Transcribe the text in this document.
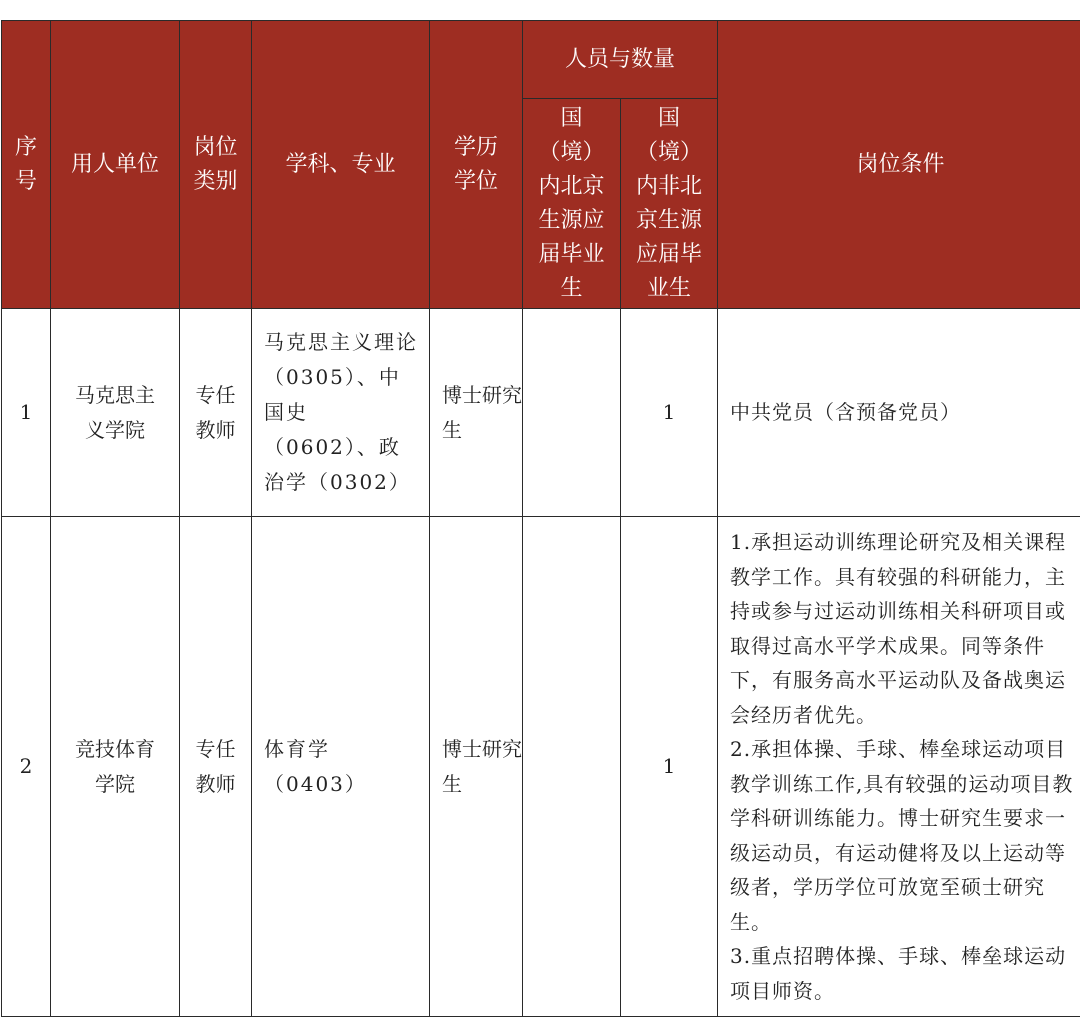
序号	用人单位	岗位类别	学科、专业	学历学位	人员与数量		岗位条件
					国（境）内北京生源应届毕业生	国（境）内非北京生源应届毕业生	
1	马克思主义学院	专任教师	马克思主义理论（0305）、中国史（0602）、政治学（0302）	博士研究生		1	中共党员（含预备党员）
2	竞技体育学院	专任教师	体育学（0403）	博士研究生		1	1.承担运动训练理论研究及相关课程教学工作。具有较强的科研能力，主持或参与过运动训练相关科研项目或取得过高水平学术成果。同等条件下，有服务高水平运动队及备战奥运会经历者优先。
2.承担体操、手球、棒垒球运动项目教学训练工作,具有较强的运动项目教学科研训练能力。博士研究生要求一级运动员，有运动健将及以上运动等级者，学历学位可放宽至硕士研究生。
3.重点招聘体操、手球、棒垒球运动项目师资。
